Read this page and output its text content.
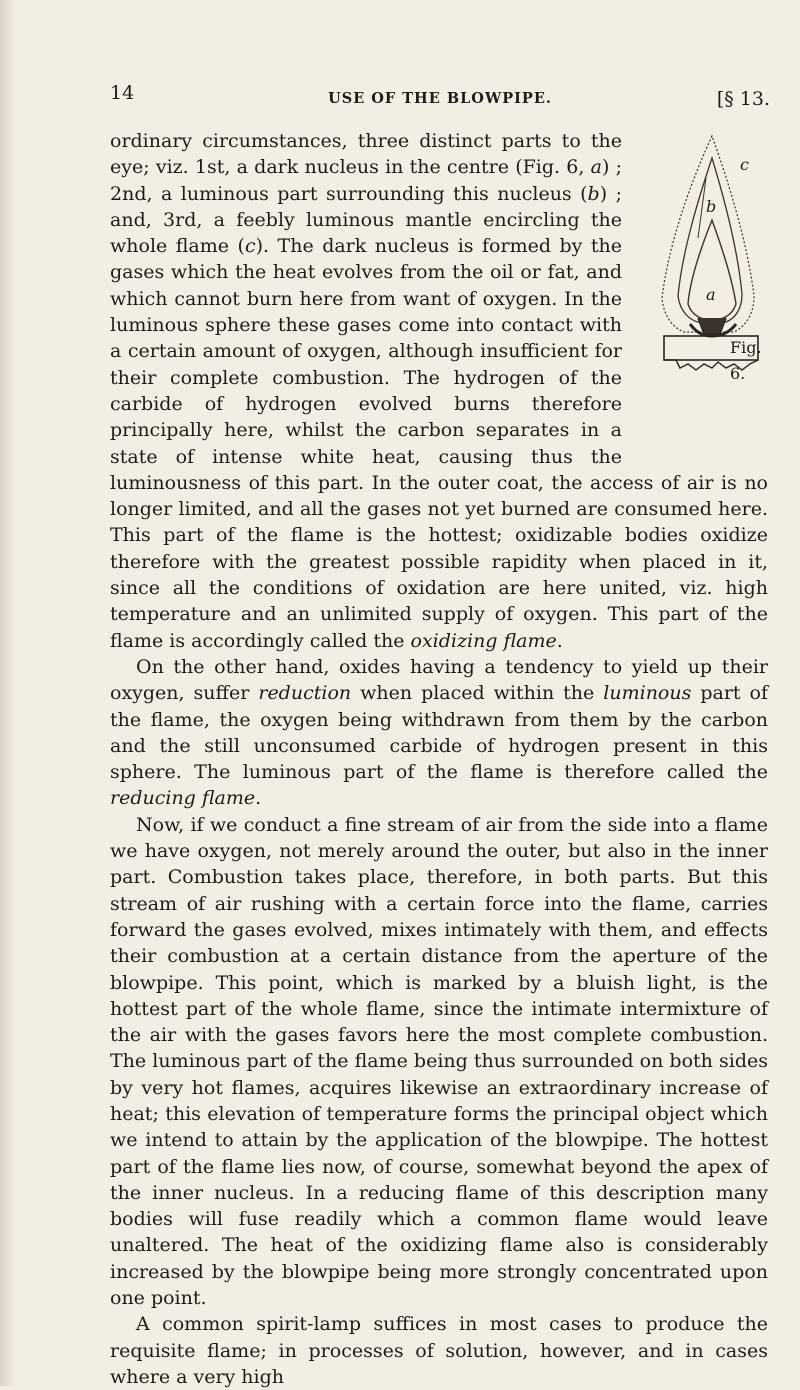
14	USE OF THE BLOWPIPE.	[§ 13.
c
b
a
Fig. 6.

ordinary circumstances, three distinct parts to the eye; viz. 1st, a dark nucleus in the centre (Fig. 6, a) ; 2nd, a luminous part surrounding this nucleus (b) ; and, 3rd, a feebly luminous mantle encircling the whole flame (c). The dark nucleus is formed by the gases which the heat evolves from the oil or fat, and which cannot burn here from want of oxygen. In the luminous sphere these gases come into contact with a certain amount of oxygen, although insufficient for their complete combustion. The hydrogen of the carbide of hydrogen evolved burns therefore principally here, whilst the carbon separates in a state of intense white heat, causing thus the luminousness of this part. In the outer coat, the access of air is no longer limited, and all the gases not yet burned are consumed here. This part of the flame is the hottest; oxidizable bodies oxidize therefore with the greatest possible rapidity when placed in it, since all the conditions of oxidation are here united, viz. high temperature and an unlimited supply of oxygen. This part of the flame is accordingly called the oxidizing flame.

On the other hand, oxides having a tendency to yield up their oxygen, suffer reduction when placed within the luminous part of the flame, the oxygen being withdrawn from them by the carbon and the still unconsumed carbide of hydrogen present in this sphere. The luminous part of the flame is therefore called the reducing flame.

Now, if we conduct a fine stream of air from the side into a flame we have oxygen, not merely around the outer, but also in the inner part. Combustion takes place, therefore, in both parts. But this stream of air rushing with a certain force into the flame, carries forward the gases evolved, mixes intimately with them, and effects their combustion at a certain distance from the aperture of the blowpipe. This point, which is marked by a bluish light, is the hottest part of the whole flame, since the intimate intermixture of the air with the gases favors here the most complete combustion. The luminous part of the flame being thus surrounded on both sides by very hot flames, acquires likewise an extraordinary increase of heat; this elevation of temperature forms the principal object which we intend to attain by the application of the blowpipe. The hottest part of the flame lies now, of course, somewhat beyond the apex of the inner nucleus. In a reducing flame of this description many bodies will fuse readily which a common flame would leave unaltered. The heat of the oxidizing flame also is considerably increased by the blowpipe being more strongly concentrated upon one point.

A common spirit-lamp suffices in most cases to produce the requisite flame; in processes of solution, however, and in cases where a very high
